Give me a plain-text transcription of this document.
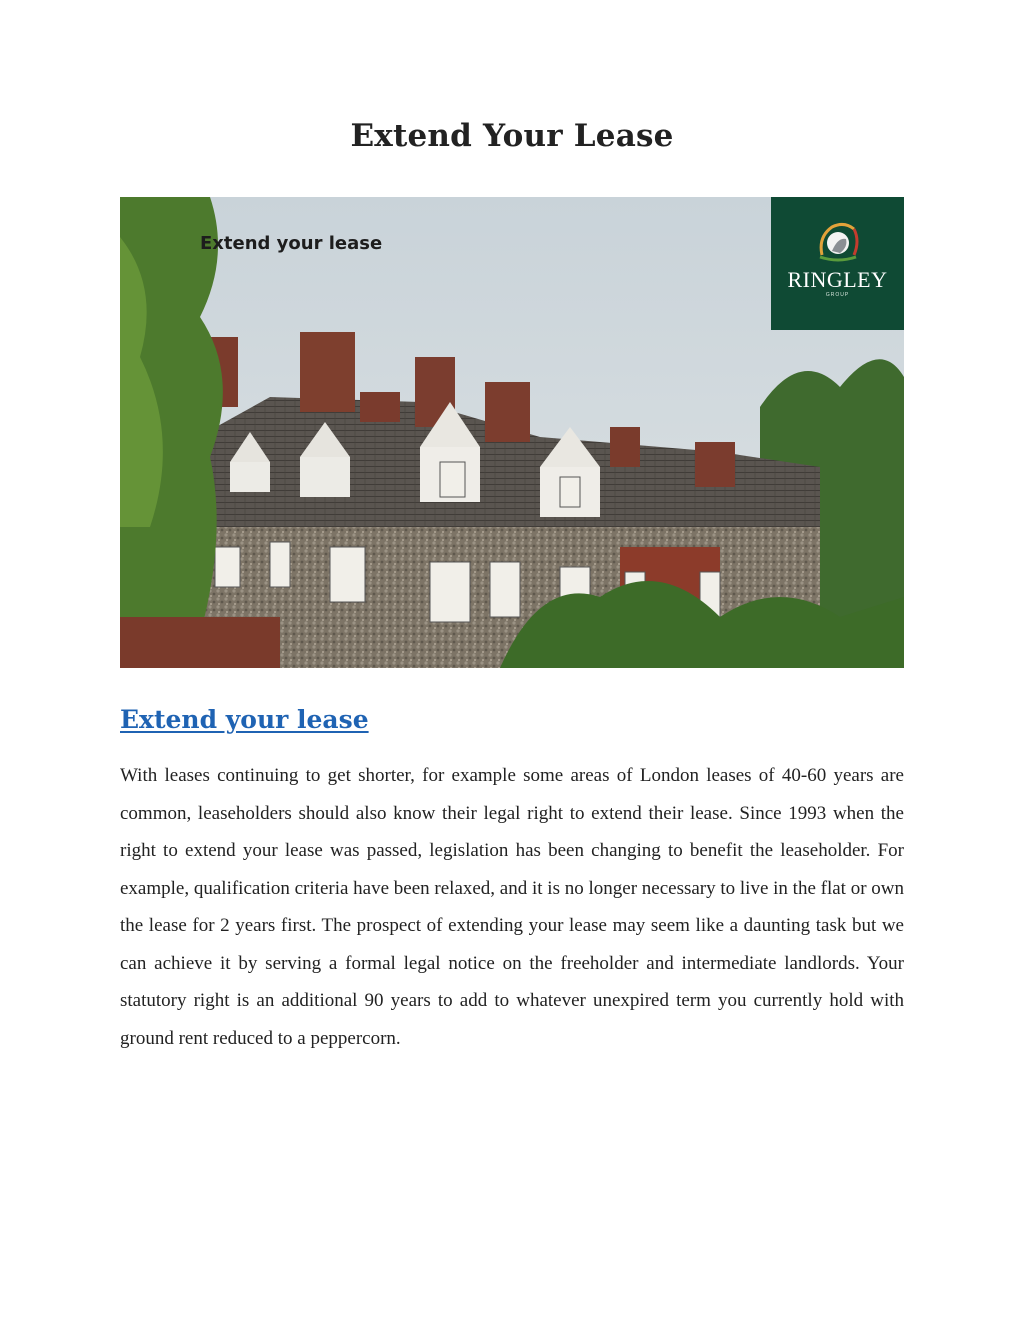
Extend Your Lease
Extend your lease
RINGLEY
GROUP
Extend your lease

With leases continuing to get shorter, for example some areas of London leases of 40-60 years are common, leaseholders should also know their legal right to extend their lease. Since 1993 when the right to extend your lease was passed, legislation has been changing to benefit the leaseholder. For example, qualification criteria have been relaxed, and it is no longer necessary to live in the flat or own the lease for 2 years first. The prospect of extending your lease may seem like a daunting task but we can achieve it by serving a formal legal notice on the freeholder and intermediate landlords. Your statutory right is an additional 90 years to add to whatever unexpired term you currently hold with ground rent reduced to a peppercorn.
